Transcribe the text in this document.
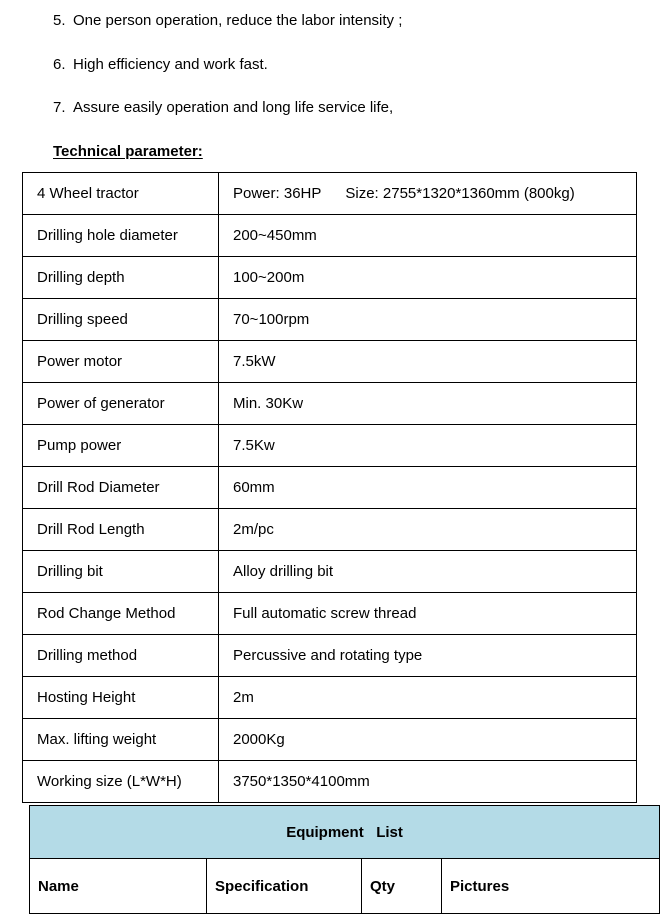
5. One person operation, reduce the labor intensity ;
6. High efficiency and work fast.
7. Assure easily operation and long life service life,
Technical parameter:
4 Wheel tractor	Power: 36HP Size: 2755*1320*1360mm (800kg)
Drilling hole diameter	200~450mm
Drilling depth	100~200m
Drilling speed	70~100rpm
Power motor	7.5kW
Power of generator	Min. 30Kw
Pump power	7.5Kw
Drill Rod Diameter	60mm
Drill Rod Length	2m/pc
Drilling bit	Alloy drilling bit
Rod Change Method	Full automatic screw thread
Drilling method	Percussive and rotating type
Hosting Height	2m
Max. lifting weight	2000Kg
Working size (L*W*H)	3750*1350*4100mm
Equipment   List
Name	Specification	Qty	Pictures
